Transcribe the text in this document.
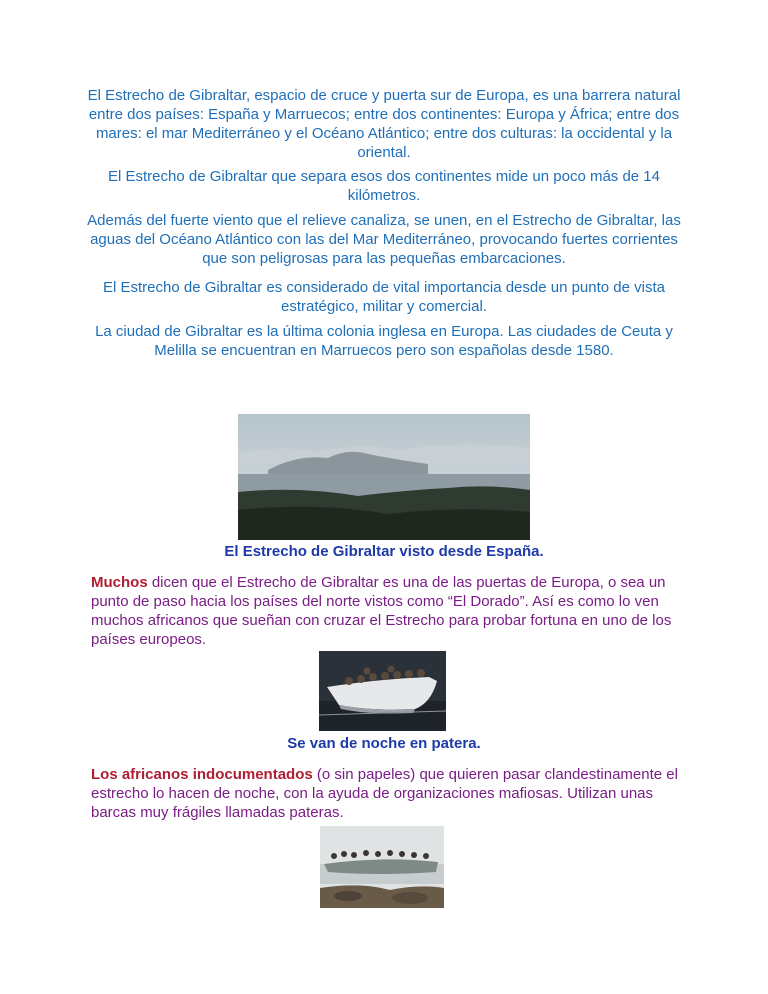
El Estrecho de Gibraltar, espacio de cruce y puerta sur de Europa, es una barrera natural entre dos países: España y Marruecos; entre dos continentes: Europa y África; entre dos mares: el mar Mediterráneo y el Océano Atlántico; entre dos culturas: la occidental y la oriental.

El Estrecho de Gibraltar que separa esos dos continentes mide un poco más de 14 kilómetros.

Además del fuerte viento que el relieve canaliza, se unen, en el Estrecho de Gibraltar, las aguas del Océano Atlántico con las del Mar Mediterráneo, provocando fuertes corrientes que son peligrosas para las pequeñas embarcaciones.

El Estrecho de Gibraltar es considerado de vital importancia desde un punto de vista estratégico, militar y comercial.

La ciudad de Gibraltar es la última colonia inglesa en Europa. Las ciudades de Ceuta y Melilla se encuentran en Marruecos pero son españolas desde 1580.

El Estrecho de Gibraltar visto desde España.

Muchos dicen que el Estrecho de Gibraltar es una de las puertas de Europa, o sea un punto de paso hacia los países del norte vistos como “El Dorado”. Así es como lo ven muchos africanos que sueñan con cruzar el Estrecho para probar fortuna en uno de los países europeos.

Se van de noche en patera.

Los africanos indocumentados (o sin papeles) que quieren pasar clandestinamente el estrecho lo hacen de noche, con la ayuda de organizaciones mafiosas. Utilizan unas barcas muy frágiles llamadas pateras.
